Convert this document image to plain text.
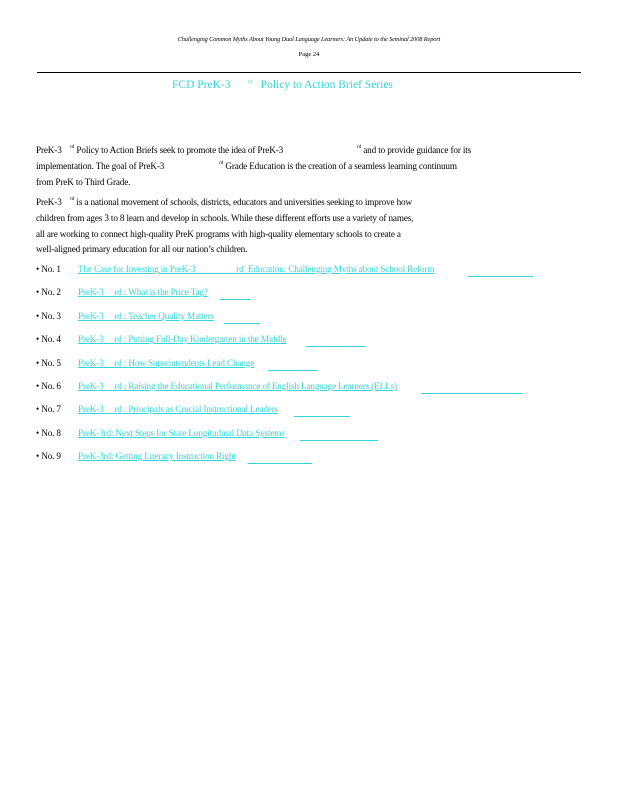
Challenging Common Myths About Young Dual Language Learners: An Update to the Seminal 2008 Report
Page 24
FCD PreK-3	$^{rd}$ Policy to Action Brief Series
PreK-3 $^{rd}$ Policy to Action Briefs seek to promote the idea of PreK-3	$^{rd}$ and to provide guidance for its
implementation. The goal of PreK-3	$^{rd}$ Grade Education is the creation of a seamless learning continuum
from PreK to Third Grade.
PreK-3 $^{rd}$ is a national movement of schools, districts, educators and universities seeking to improve how
children from ages 3 to 8 learn and develop in schools. While these different efforts use a variety of names,
all are working to connect high-quality PreK programs with high-quality elementary schools to create a
well-aligned primary education for all our nation’s children.

• No. 1

The Case for Investing in PreK-3                   rd  Education: Challenging Myths about School Reform

• No. 2

PreK-3     rd : What is the Price Tag?

• No. 3

PreK-3     rd : Teacher Quality Matters

• No. 4

PreK-3     rd : Putting Full-Day Kindergarten in the Middle

• No. 5

PreK-3     rd : How Superintendents Lead Change

• No. 6

PreK-3     rd : Raising the Educational Performance of English Language Learners (ELLs)

• No. 7

PreK-3     rd : Principals as Crucial Instructional Leaders

• No. 8

PreK-3rd: Next Steps for State Longitudinal Data Systems

• No. 9

PreK-3rd: Getting Literacy Instruction Right
